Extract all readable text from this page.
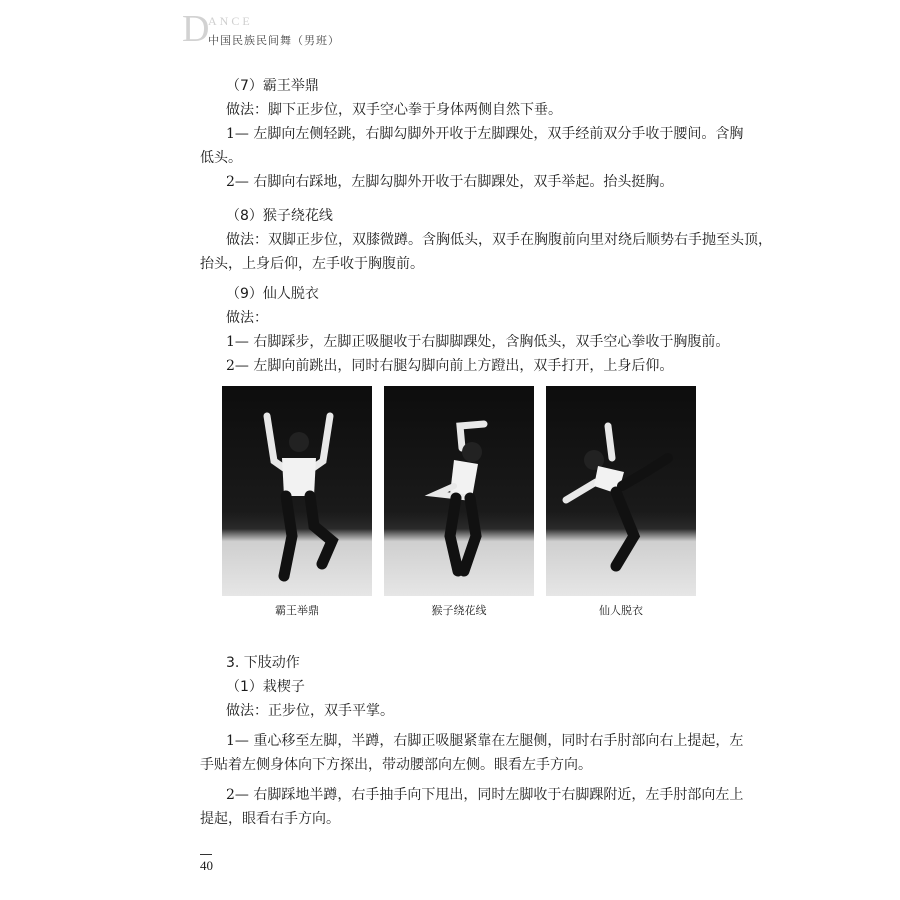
D
ANCE
中国民族民间舞（男班）
（7）霸王举鼎
做法：脚下正步位，双手空心拳于身体两侧自然下垂。
1— 左脚向左侧轻跳，右脚勾脚外开收于左脚踝处，双手经前双分手收于腰间。含胸
低头。
2— 右脚向右踩地，左脚勾脚外开收于右脚踝处，双手举起。抬头挺胸。
（8）猴子绕花线
做法：双脚正步位，双膝微蹲。含胸低头，双手在胸腹前向里对绕后顺势右手抛至头顶，
抬头，上身后仰，左手收于胸腹前。
（9）仙人脱衣
做法：
1— 右脚踩步，左脚正吸腿收于右脚脚踝处，含胸低头，双手空心拳收于胸腹前。
2— 左脚向前跳出，同时右腿勾脚向前上方蹬出，双手打开，上身后仰。
霸王举鼎	猴子绕花线	仙人脱衣
3. 下肢动作
（1）栽楔子
做法：正步位，双手平掌。
1— 重心移至左脚，半蹲，右脚正吸腿紧靠在左腿侧，同时右手肘部向右上提起，左
手贴着左侧身体向下方探出，带动腰部向左侧。眼看左手方向。
2— 右脚踩地半蹲，右手抽手向下甩出，同时左脚收于右脚踝附近，左手肘部向左上
提起，眼看右手方向。
40
